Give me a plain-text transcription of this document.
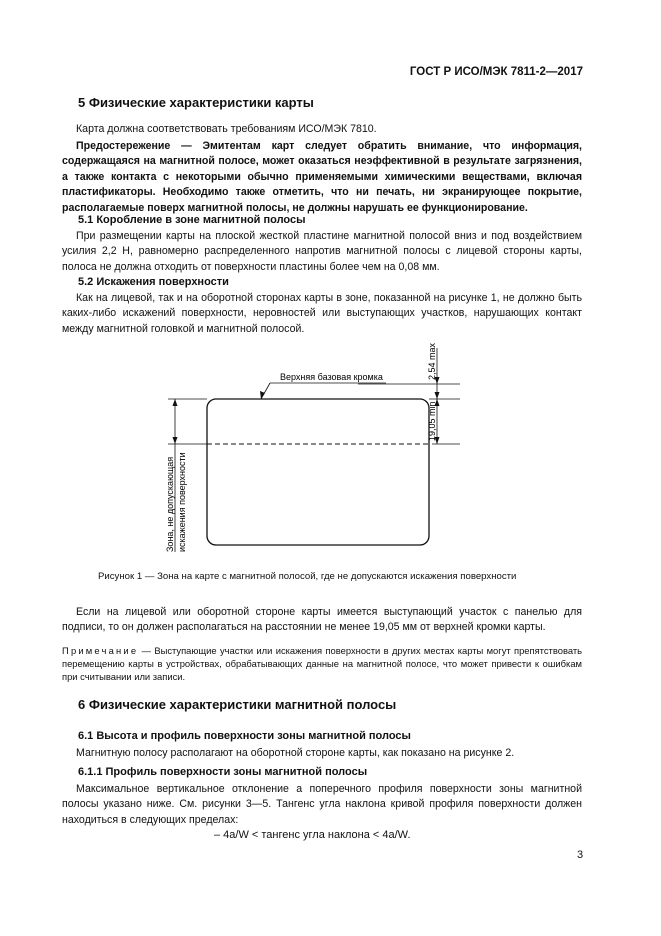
ГОСТ Р ИСО/МЭК 7811-2—2017
5 Физические характеристики карты

Карта должна соответствовать требованиям ИСО/МЭК 7810.

Предостережение — Эмитентам карт следует обратить внимание, что информация, содержащаяся на магнитной полосе, может оказаться неэффективной в результате загрязнения, а также контакта с некоторыми обычно применяемыми химическими веществами, включая пластификаторы. Необходимо также отметить, что ни печать, ни экранирующее покрытие, располагаемые поверх магнитной полосы, не должны нарушать ее функционирование.

5.1 Коробление в зоне магнитной полосы

При размещении карты на плоской жесткой пластине магнитной полосой вниз и под воздействием усилия 2,2 Н, равномерно распределенного напротив магнитной полосы с лицевой стороны карты, полоса не должна отходить от поверхности пластины более чем на 0,08 мм.

5.2 Искажения поверхности

Как на лицевой, так и на оборотной сторонах карты в зоне, показанной на рисунке 1, не должно быть каких-либо искажений поверхности, неровностей или выступающих участков, нарушающих контакт между магнитной головкой и магнитной полосой.

2,54 max
19,05 min
Верхняя базовая кромка
Зона, не допускающая искажения поверхности
Рисунок 1 — Зона на карте с магнитной полосой, где не допускаются искажения поверхности

Если на лицевой или оборотной стороне карты имеется выступающий участок с панелью для подписи, то он должен располагаться на расстоянии не менее 19,05 мм от верхней кромки карты.

Примечание — Выступающие участки или искажения поверхности в других местах карты могут препятствовать перемещению карты в устройствах, обрабатывающих данные на магнитной полосе, что может привести к ошибкам при считывании или записи.

6 Физические характеристики магнитной полосы
6.1 Высота и профиль поверхности зоны магнитной полосы

Магнитную полосу располагают на оборотной стороне карты, как показано на рисунке 2.

6.1.1 Профиль поверхности зоны магнитной полосы

Максимальное вертикальное отклонение a поперечного профиля поверхности зоны магнитной полосы указано ниже. См. рисунки 3—5. Тангенс угла наклона кривой профиля поверхности должен находиться в следующих пределах:

– 4a/W < тангенс угла наклона < 4a/W.
3
